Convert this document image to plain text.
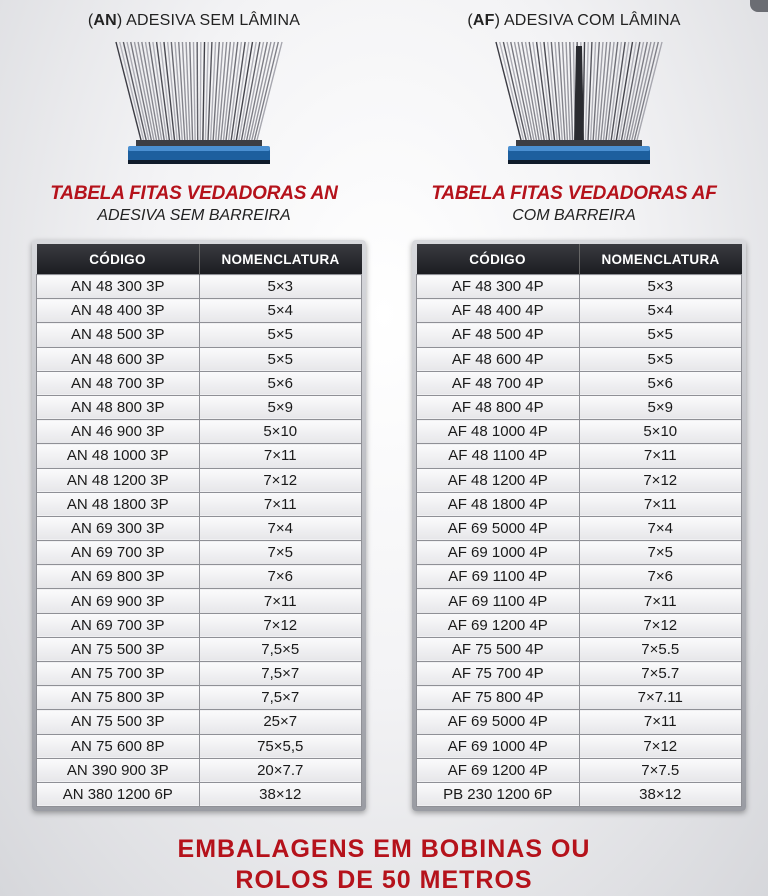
(AN) ADESIVA SEM LÂMINA
TABELA FITAS VEDADORAS AN
ADESIVA SEM BARREIRA
CÓDIGO	NOMENCLATURA
AN 48 300 3P	5×3
AN 48 400 3P	5×4
AN 48 500 3P	5×5
AN 48 600 3P	5×5
AN 48 700 3P	5×6
AN 48 800 3P	5×9
AN 46 900 3P	5×10
AN 48 1000 3P	7×11
AN 48 1200 3P	7×12
AN 48 1800 3P	7×11
AN 69 300 3P	7×4
AN 69 700 3P	7×5
AN 69 800 3P	7×6
AN 69 900 3P	7×11
AN 69 700 3P	7×12
AN 75 500 3P	7,5×5
AN 75 700 3P	7,5×7
AN 75 800 3P	7,5×7
AN 75 500 3P	25×7
AN 75 600 8P	75×5,5
AN 390 900 3P	20×7.7
AN 380 1200 6P	38×12
(AF) ADESIVA COM LÂMINA
TABELA FITAS VEDADORAS AF
COM BARREIRA
CÓDIGO	NOMENCLATURA
AF 48 300 4P	5×3
AF 48 400 4P	5×4
AF 48 500 4P	5×5
AF 48 600 4P	5×5
AF 48 700 4P	5×6
AF 48 800 4P	5×9
AF 48 1000 4P	5×10
AF 48 1100 4P	7×11
AF 48 1200 4P	7×12
AF 48 1800 4P	7×11
AF 69 5000 4P	7×4
AF 69 1000 4P	7×5
AF 69 1100 4P	7×6
AF 69 1100 4P	7×11
AF 69 1200 4P	7×12
AF 75 500 4P	7×5.5
AF 75 700 4P	7×5.7
AF 75 800 4P	7×7.11
AF 69 5000 4P	7×11
AF 69 1000 4P	7×12
AF 69 1200 4P	7×7.5
PB 230 1200 6P	38×12
EMBALAGENS EM BOBINAS OU
ROLOS DE 50 METROS
